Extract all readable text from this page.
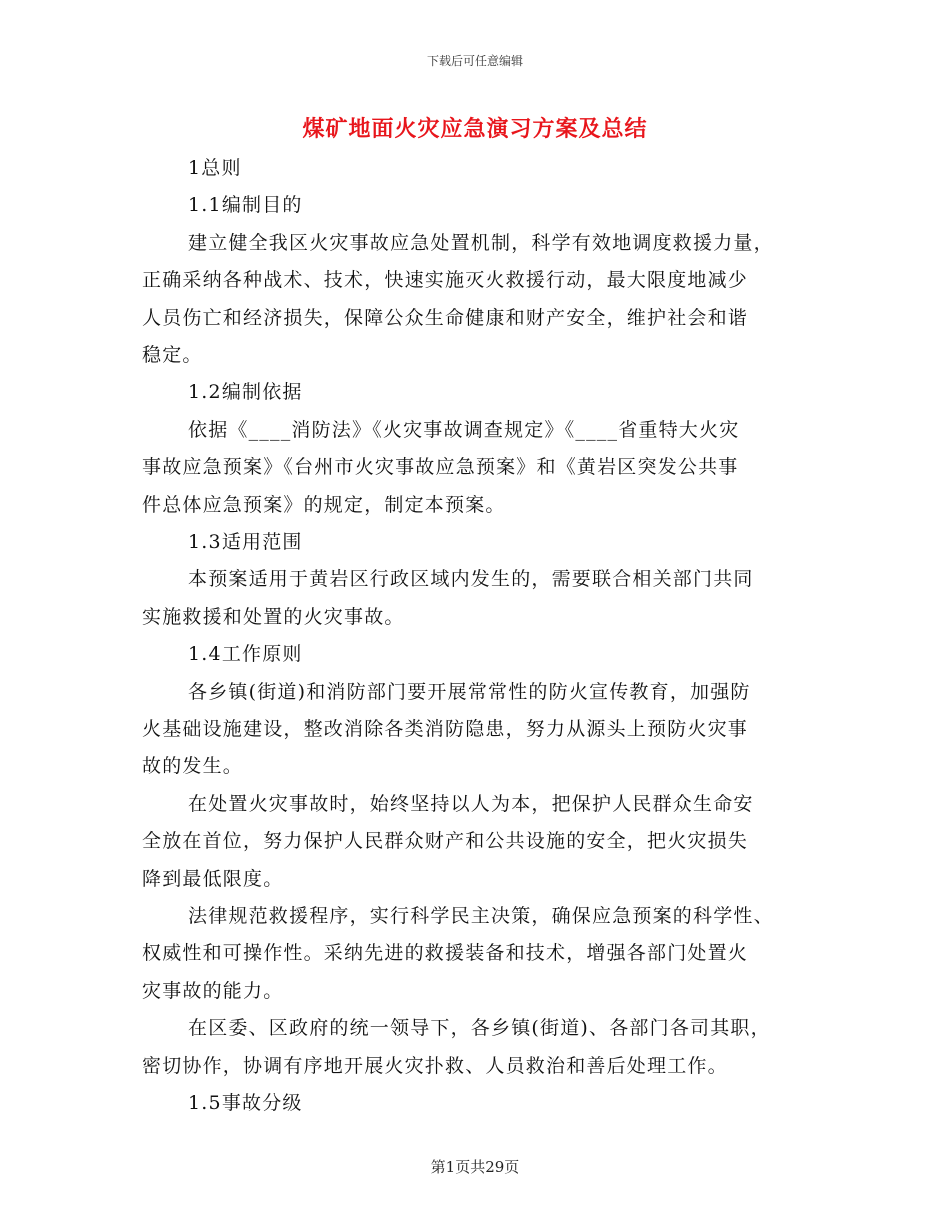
下载后可任意编辑
煤矿地面火灾应急演习方案及总结
1总则
1.1编制目的
建立健全我区火灾事故应急处置机制，科学有效地调度救援力量，
正确采纳各种战术、技术，快速实施灭火救援行动，最大限度地减少
人员伤亡和经济损失，保障公众生命健康和财产安全，维护社会和谐
稳定。
1.2编制依据
依据《____消防法》《火灾事故调查规定》《____省重特大火灾
事故应急预案》《台州市火灾事故应急预案》和《黄岩区突发公共事
件总体应急预案》的规定，制定本预案。
1.3适用范围
本预案适用于黄岩区行政区域内发生的，需要联合相关部门共同
实施救援和处置的火灾事故。
1.4工作原则
各乡镇(街道)和消防部门要开展常常性的防火宣传教育，加强防
火基础设施建设，整改消除各类消防隐患，努力从源头上预防火灾事
故的发生。
在处置火灾事故时，始终坚持以人为本，把保护人民群众生命安
全放在首位，努力保护人民群众财产和公共设施的安全，把火灾损失
降到最低限度。
法律规范救援程序，实行科学民主决策，确保应急预案的科学性、
权威性和可操作性。采纳先进的救援装备和技术，增强各部门处置火
灾事故的能力。
在区委、区政府的统一领导下，各乡镇(街道)、各部门各司其职，
密切协作，协调有序地开展火灾扑救、人员救治和善后处理工作。
1.5事故分级
第1页共29页
